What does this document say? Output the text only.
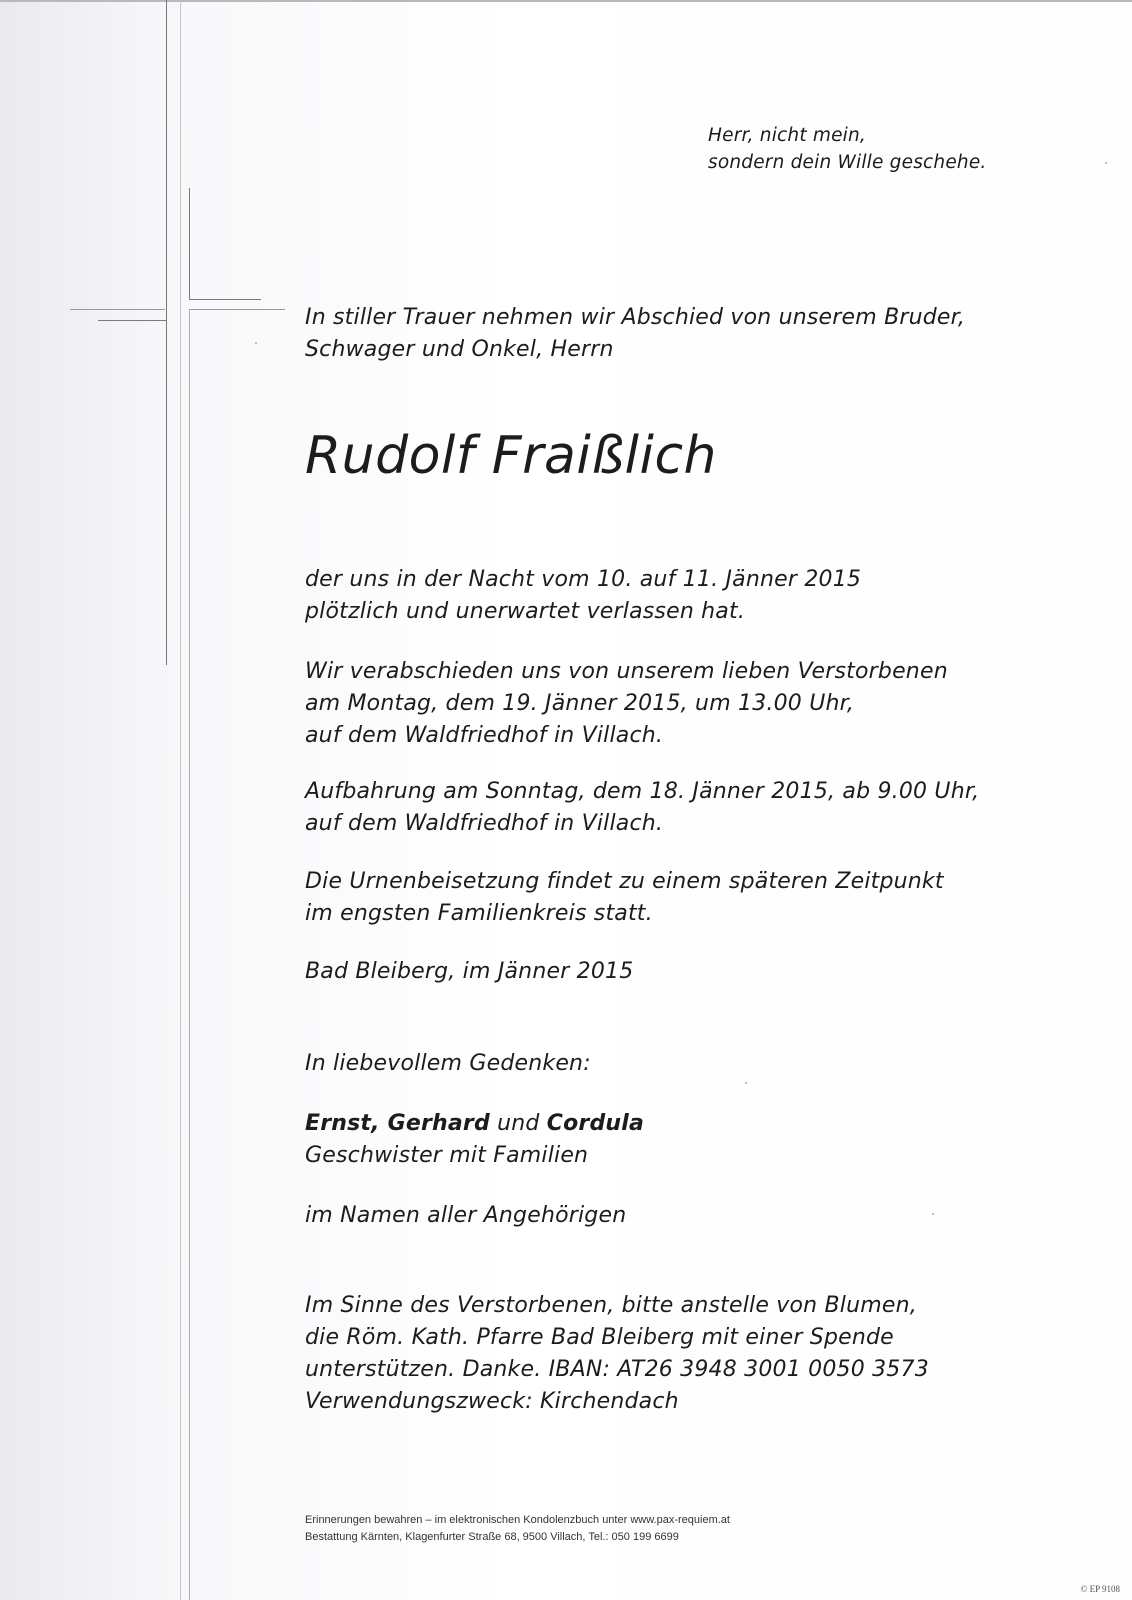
Herr, nicht mein,
sondern dein Wille geschehe.
In stiller Trauer nehmen wir Abschied von unserem Bruder,
Schwager und Onkel, Herrn
Rudolf Fraißlich
der uns in der Nacht vom 10. auf 11. Jänner 2015
plötzlich und unerwartet verlassen hat.
Wir verabschieden uns von unserem lieben Verstorbenen
am Montag, dem 19. Jänner 2015, um 13.00 Uhr,
auf dem Waldfriedhof in Villach.
Aufbahrung am Sonntag, dem 18. Jänner 2015, ab 9.00 Uhr,
auf dem Waldfriedhof in Villach.
Die Urnenbeisetzung findet zu einem späteren Zeitpunkt
im engsten Familienkreis statt.
Bad Bleiberg, im Jänner 2015
In liebevollem Gedenken:
Ernst, Gerhard und Cordula
Geschwister mit Familien
im Namen aller Angehörigen
Im Sinne des Verstorbenen, bitte anstelle von Blumen,
die Röm. Kath. Pfarre Bad Bleiberg mit einer Spende
unterstützen. Danke. IBAN: AT26 3948 3001 0050 3573
Verwendungszweck: Kirchendach
Erinnerungen bewahren – im elektronischen Kondolenzbuch unter www.pax-requiem.at
Bestattung Kärnten, Klagenfurter Straße 68, 9500 Villach, Tel.: 050 199 6699
© EP 9108
